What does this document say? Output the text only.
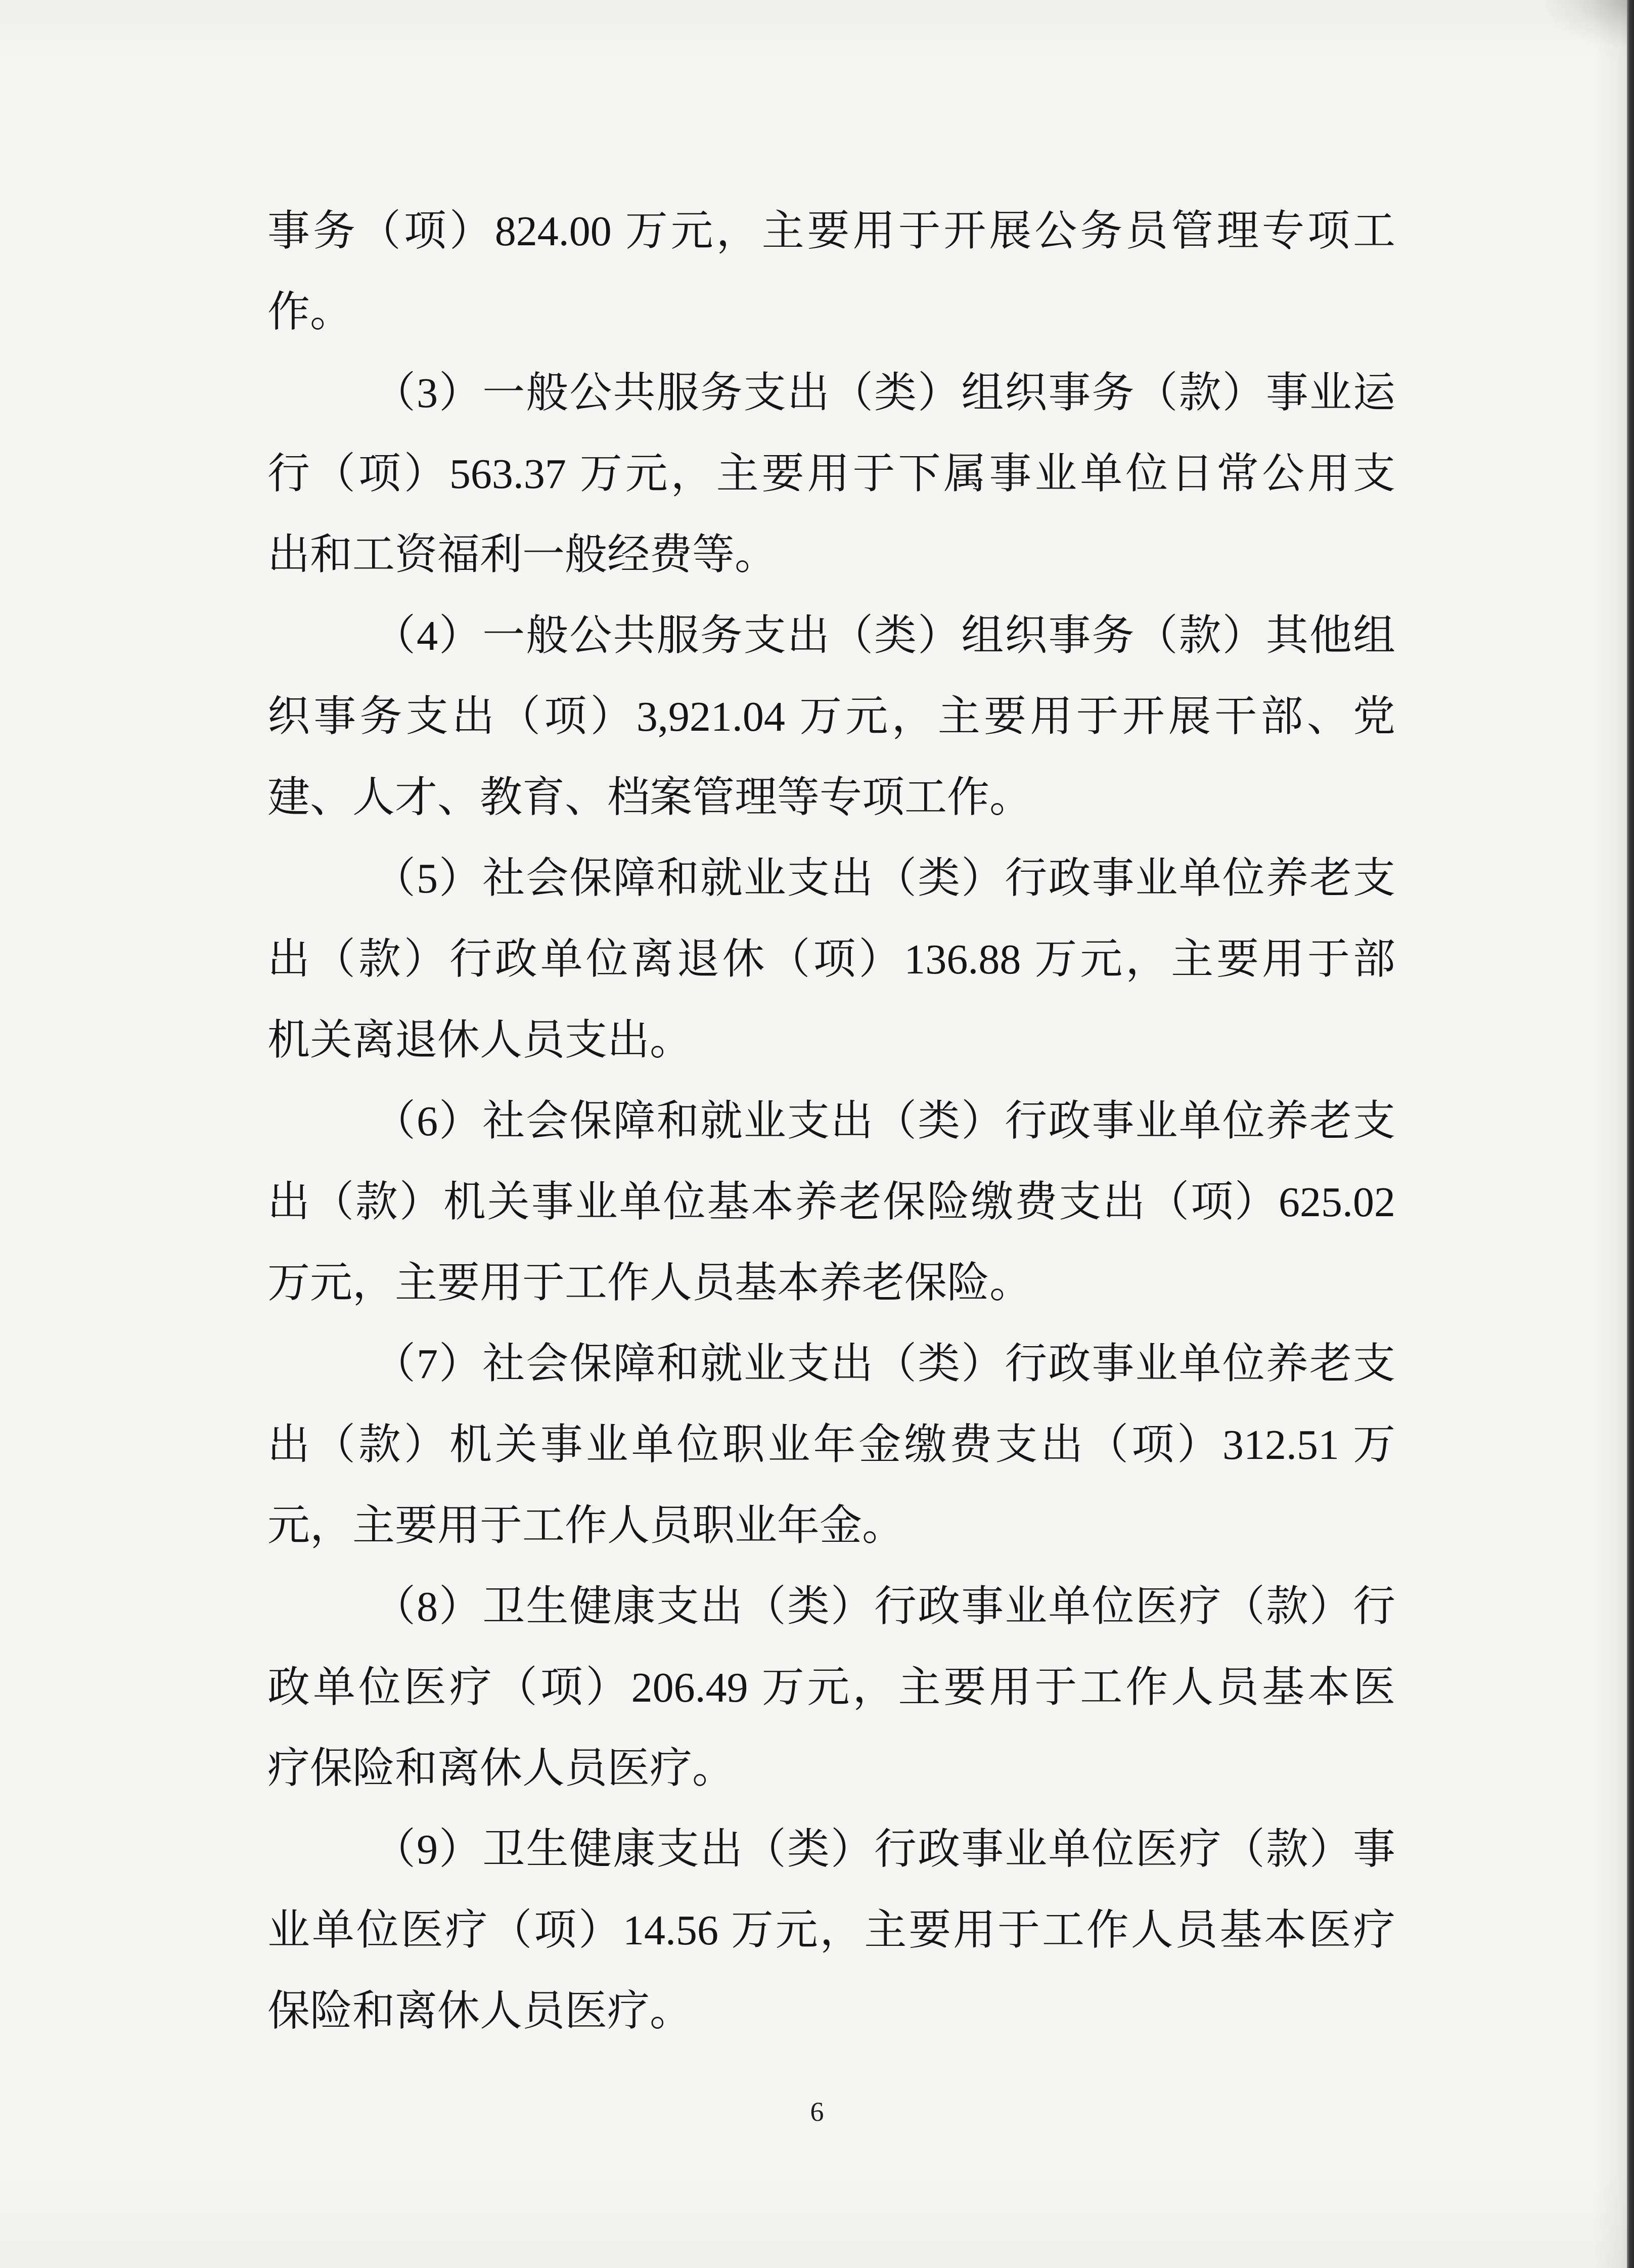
事务（项）824.00 万元，主要用于开展公务员管理专项工
作。
（3）一般公共服务支出（类）组织事务（款）事业运
行（项）563.37 万元，主要用于下属事业单位日常公用支
出和工资福利一般经费等。
（4）一般公共服务支出（类）组织事务（款）其他组
织事务支出（项）3,921.04 万元，主要用于开展干部、党
建、人才、教育、档案管理等专项工作。
（5）社会保障和就业支出（类）行政事业单位养老支
出（款）行政单位离退休（项）136.88 万元，主要用于部
机关离退休人员支出。
（6）社会保障和就业支出（类）行政事业单位养老支
出（款）机关事业单位基本养老保险缴费支出（项）625.02
万元，主要用于工作人员基本养老保险。
（7）社会保障和就业支出（类）行政事业单位养老支
出（款）机关事业单位职业年金缴费支出（项）312.51 万
元，主要用于工作人员职业年金。
（8）卫生健康支出（类）行政事业单位医疗（款）行
政单位医疗（项）206.49 万元，主要用于工作人员基本医
疗保险和离休人员医疗。
（9）卫生健康支出（类）行政事业单位医疗（款）事
业单位医疗（项）14.56 万元，主要用于工作人员基本医疗
保险和离休人员医疗。
6
